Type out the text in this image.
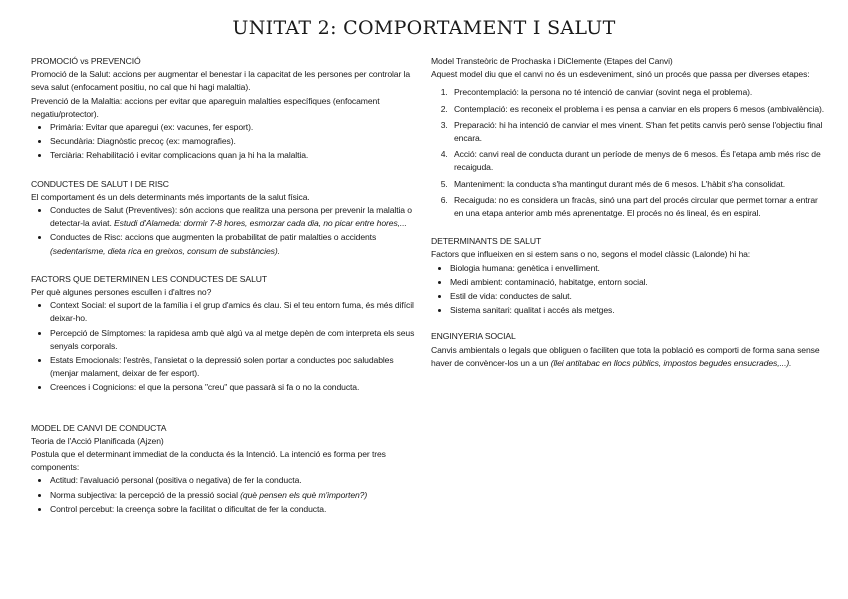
UNITAT 2: COMPORTAMENT I SALUT

PROMOCIÓ vs PREVENCIÓ

Promoció de la Salut: accions per augmentar el benestar i la capacitat de les persones per controlar la seva salut (enfocament positiu, no cal que hi hagi malaltia).

Prevenció de la Malaltia: accions per evitar que apareguin malalties específiques (enfocament negatiu/protector).

• Primària: Evitar que aparegui (ex: vacunes, fer esport).
• Secundària: Diagnòstic precoç (ex: mamografies).
• Terciària: Rehabilitació i evitar complicacions quan ja hi ha la malaltia.

CONDUCTES DE SALUT I DE RISC

El comportament és un dels determinants més importants de la salut física.

• Conductes de Salut (Preventives): són accions que realitza una persona per prevenir la malaltia o detectar-la aviat. Estudi d'Alameda: dormir 7-8 hores, esmorzar cada dia, no picar entre hores,...
• Conductes de Risc: accions que augmenten la probabilitat de patir malalties o accidents (sedentarisme, dieta rica en greixos, consum de substàncies).

FACTORS QUE DETERMINEN LES CONDUCTES DE SALUT

Per què algunes persones escullen i d'altres no?

• Context Social: el suport de la família i el grup d'amics és clau. Si el teu entorn fuma, és més difícil deixar-ho.
• Percepció de Símptomes: la rapidesa amb què algú va al metge depèn de com interpreta els seus senyals corporals.
• Estats Emocionals: l'estrès, l'ansietat o la depressió solen portar a conductes poc saludables (menjar malament, deixar de fer esport).
• Creences i Cognicions: el que la persona "creu" que passarà si fa o no la conducta.

MODEL DE CANVI DE CONDUCTA

Teoria de l'Acció Planificada (Ajzen)

Postula que el determinant immediat de la conducta és la Intenció. La intenció es forma per tres components:

• Actitud: l'avaluació personal (positiva o negativa) de fer la conducta.
• Norma subjectiva: la percepció de la pressió social (què pensen els què m'importen?)
• Control percebut: la creença sobre la facilitat o dificultat de fer la conducta.

Model Transteòric de Prochaska i DiClemente (Etapes del Canvi)

Aquest model diu que el canvi no és un esdeveniment, sinó un procés que passa per diverses etapes:

1. Precontemplació: la persona no té intenció de canviar (sovint nega el problema).
2. Contemplació: es reconeix el problema i es pensa a canviar en els propers 6 mesos (ambivalència).
3. Preparació: hi ha intenció de canviar el mes vinent. S'han fet petits canvis però sense l'objectiu final encara.
4. Acció: canvi real de conducta durant un període de menys de 6 mesos. És l'etapa amb més risc de recaiguda.
5. Manteniment: la conducta s'ha mantingut durant més de 6 mesos. L'hàbit s'ha consolidat.
6. Recaiguda: no es considera un fracàs, sinó una part del procés circular que permet tornar a entrar en una etapa anterior amb més aprenentatge. El procés no és lineal, és en espiral.

DETERMINANTS DE SALUT

Factors que influeixen en si estem sans o no, segons el model clàssic (Lalonde) hi ha:

• Biologia humana: genètica i envelliment.
• Medi ambient: contaminació, habitatge, entorn social.
• Estil de vida: conductes de salut.
• Sistema sanitari: qualitat i accés als metges.

ENGINYERIA SOCIAL

Canvis ambientals o legals que obliguen o faciliten que tota la població es comporti de forma sana sense haver de convèncer-los un a un (llei antitabac en llocs públics, impostos begudes ensucrades,...).
